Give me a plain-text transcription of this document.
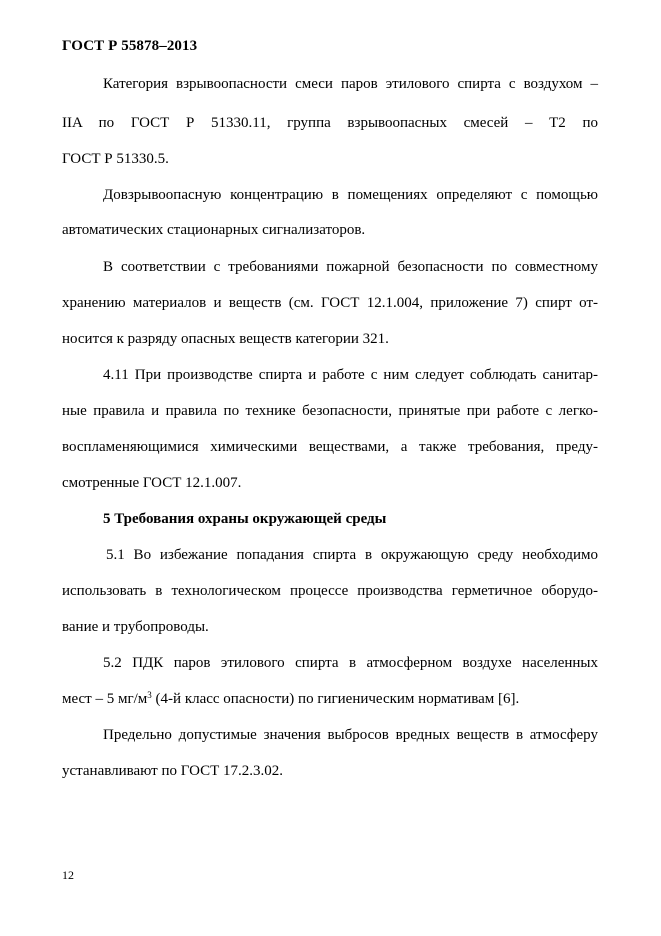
ГОСТ Р 55878–2013
Категория взрывоопасности смеси паров этилового спирта с воздухом –
IIA по ГОСТ Р 51330.11, группа взрывоопасных смесей – T2 по
ГОСТ Р 51330.5.
Довзрывоопасную концентрацию в помещениях определяют с помощью
автоматических стационарных сигнализаторов.
В соответствии с требованиями пожарной безопасности по совместному
хранению материалов и веществ (см. ГОСТ 12.1.004, приложение 7) спирт от-
носится к разряду опасных веществ категории 321.
4.11 При производстве спирта и работе с ним следует соблюдать санитар-
ные правила и правила по технике безопасности, принятые при работе с легко-
воспламеняющимися химическими веществами, а также требования, преду-
смотренные ГОСТ 12.1.007.
5 Требования охраны окружающей среды
5.1 Во избежание попадания спирта в окружающую среду необходимо
использовать в технологическом процессе производства герметичное оборудо-
вание и трубопроводы.
5.2 ПДК паров этилового спирта в атмосферном воздухе населенных
мест – 5 $мг/м^3$ (4-й класс опасности) по гигиеническим нормативам [6].
Предельно допустимые значения выбросов вредных веществ в атмосферу
устанавливают по ГОСТ 17.2.3.02.
12
